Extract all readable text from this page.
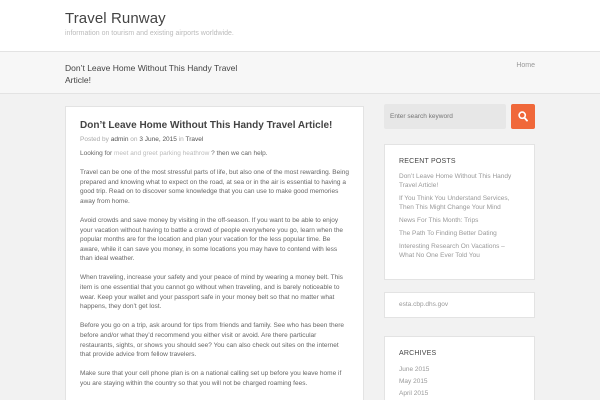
Travel Runway
information on tourism and existing airports worldwide.
Don’t Leave Home Without This Handy Travel Article!
Home
Don’t Leave Home Without This Handy Travel Article!
Posted by admin on 3 June, 2015 in Travel

Looking for meet and greet parking heathrow ? then we can help.

Travel can be one of the most stressful parts of life, but also one of the most rewarding. Being prepared and knowing what to expect on the road, at sea or in the air is essential to having a good trip. Read on to discover some knowledge that you can use to make good memories away from home.

Avoid crowds and save money by visiting in the off-season. If you want to be able to enjoy your vacation without having to battle a crowd of people everywhere you go, learn when the popular months are for the location and plan your vacation for the less popular time. Be aware, while it can save you money, in some locations you may have to contend with less than ideal weather.

When traveling, increase your safety and your peace of mind by wearing a money belt. This item is one essential that you cannot go without when traveling, and is barely noticeable to wear. Keep your wallet and your passport safe in your money belt so that no matter what happens, they don’t get lost.

Before you go on a trip, ask around for tips from friends and family. See who has been there before and/or what they’d recommend you either visit or avoid. Are there particular restaurants, sights, or shows you should see? You can also check out sites on the internet that provide advice from fellow travelers.

Make sure that your cell phone plan is on a national calling set up before you leave home if you are staying within the country so that you will not be charged roaming fees.

Enter search keyword
RECENT POSTS
Don’t Leave Home Without This Handy Travel Article!
If You Think You Understand Services, Then This Might Change Your Mind
News For This Month: Trips
The Path To Finding Better Dating
Interesting Research On Vacations – What No One Ever Told You
esta.cbp.dhs.gov
ARCHIVES
June 2015
May 2015
April 2015
